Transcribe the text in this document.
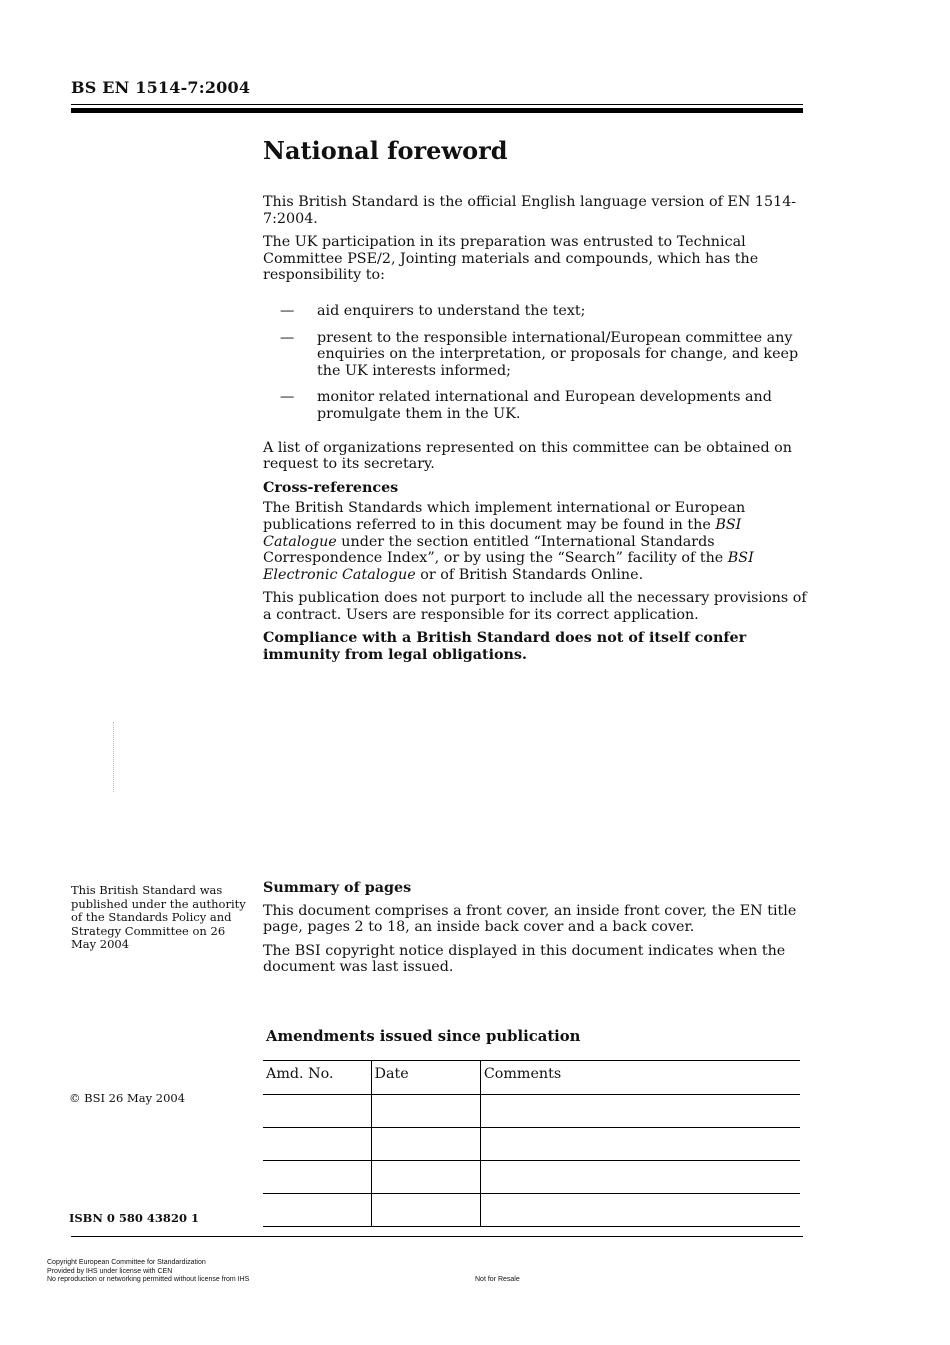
BS EN 1514-7:2004
National foreword

This British Standard is the official English language version of EN 1514-7:2004.

The UK participation in its preparation was entrusted to Technical Committee PSE/2, Jointing materials and compounds, which has the responsibility to:

— aid enquirers to understand the text;
— present to the responsible international/European committee any enquiries on the interpretation, or proposals for change, and keep the UK interests informed;
— monitor related international and European developments and promulgate them in the UK.

A list of organizations represented on this committee can be obtained on request to its secretary.

Cross-references

The British Standards which implement international or European publications referred to in this document may be found in the BSI Catalogue under the section entitled “International Standards Correspondence Index”, or by using the “Search” facility of the BSI Electronic Catalogue or of British Standards Online.

This publication does not purport to include all the necessary provisions of a contract. Users are responsible for its correct application.

Compliance with a British Standard does not of itself confer immunity from legal obligations.

This British Standard was published under the authority of the Standards Policy and Strategy Committee on 26 May 2004

Summary of pages

This document comprises a front cover, an inside front cover, the EN title page, pages 2 to 18, an inside back cover and a back cover.

The BSI copyright notice displayed in this document indicates when the document was last issued.

Amendments issued since publication
Amd. No.	Date	Comments

© BSI 26 May 2004
ISBN 0 580 43820 1
Copyright European Committee for Standardization
Provided by IHS under license with CEN
No reproduction or networking permitted without license from IHS	Not for Resale
